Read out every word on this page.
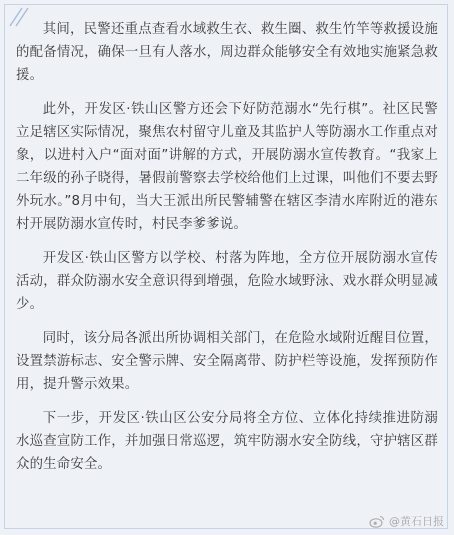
其间，民警还重点查看水域救生衣、救生圈、救生竹竿等救援设施的配备情况，确保一旦有人落水，周边群众能够安全有效地实施紧急救援。

此外，开发区·铁山区警方还会下好防范溺水“先行棋”。社区民警立足辖区实际情况，聚焦农村留守儿童及其监护人等防溺水工作重点对象，以进村入户“面对面”讲解的方式，开展防溺水宣传教育。“我家上二年级的孙子晓得，暑假前警察去学校给他们上过课，叫他们不要去野外玩水。”8月中旬，当大王派出所民警辅警在辖区李清水库附近的港东村开展防溺水宣传时，村民李爹爹说。

开发区·铁山区警方以学校、村落为阵地，全方位开展防溺水宣传活动，群众防溺水安全意识得到增强，危险水域野泳、戏水群众明显减少。

同时，该分局各派出所协调相关部门，在危险水域附近醒目位置，设置禁游标志、安全警示牌、安全隔离带、防护栏等设施，发挥预防作用，提升警示效果。

下一步，开发区·铁山区公安分局将全方位、立体化持续推进防溺水巡查宣防工作，并加强日常巡逻，筑牢防溺水安全防线，守护辖区群众的生命安全。

@黄石日报
